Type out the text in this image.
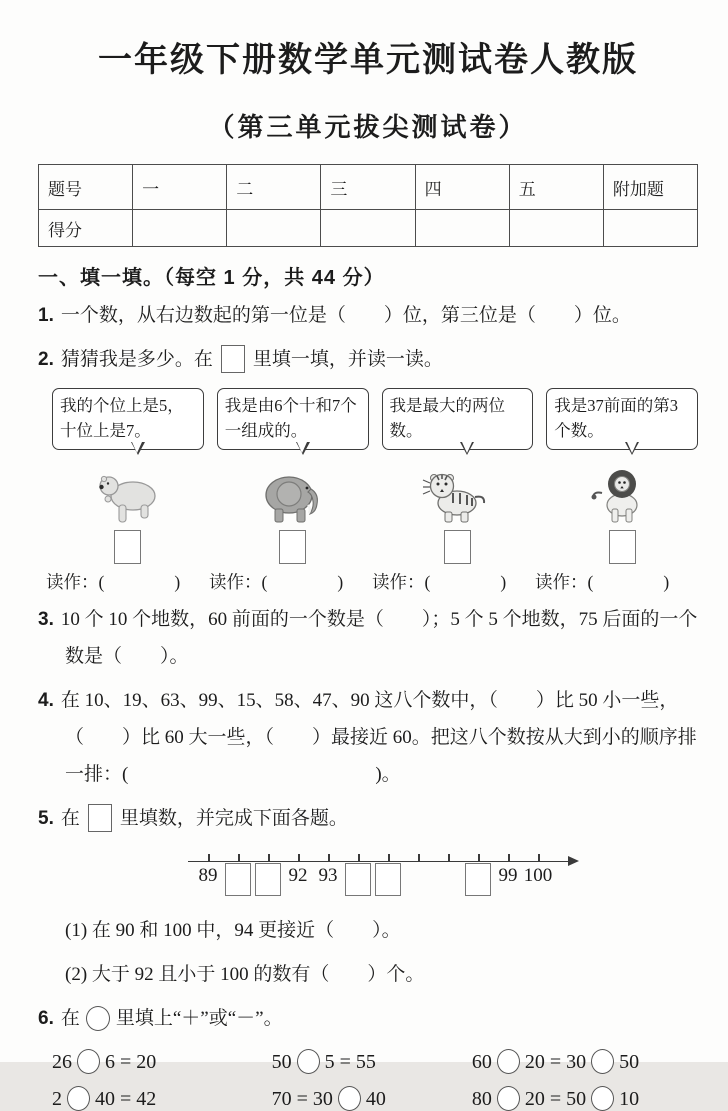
一年级下册数学单元测试卷人教版
（第三单元拔尖测试卷）
题号	一	二	三	四	五	附加题
得分						
一、填一填。（每空 1 分，共 44 分）
1. 一个数，从右边数起的第一位是（　　）位，第三位是（　　）位。
2. 猜猜我是多少。在 里填一填，并读一读。
我的个位上是5，十位上是7。
我是由6个十和7个一组成的。
我是最大的两位数。
我是37前面的第3个数。
读作：(　　　　)	读作：(　　　　)	读作：(　　　　)	读作：(　　　　)
3. 10 个 10 个地数，60 前面的一个数是（　　）；5 个 5 个地数，75 后面的一个数是（　　）。
4. 在 10、19、63、99、15、58、47、90 这八个数中，（　　）比 50 小一些，（　　）比 60 大一些，（　　）最接近 60。把这八个数按从大到小的顺序排一排：(　　　　　　　　　　　　　)。
5. 在 里填数，并完成下面各题。
89	92 93	99 100
(1) 在 90 和 100 中，94 更接近（　　）。
(2) 大于 92 且小于 100 的数有（　　）个。
6. 在 里填上“＋”或“－”。
26 6 = 20	50 5 = 55	60 20 = 30 50
2 40 = 42	70 = 30 40	80 20 = 50 10
